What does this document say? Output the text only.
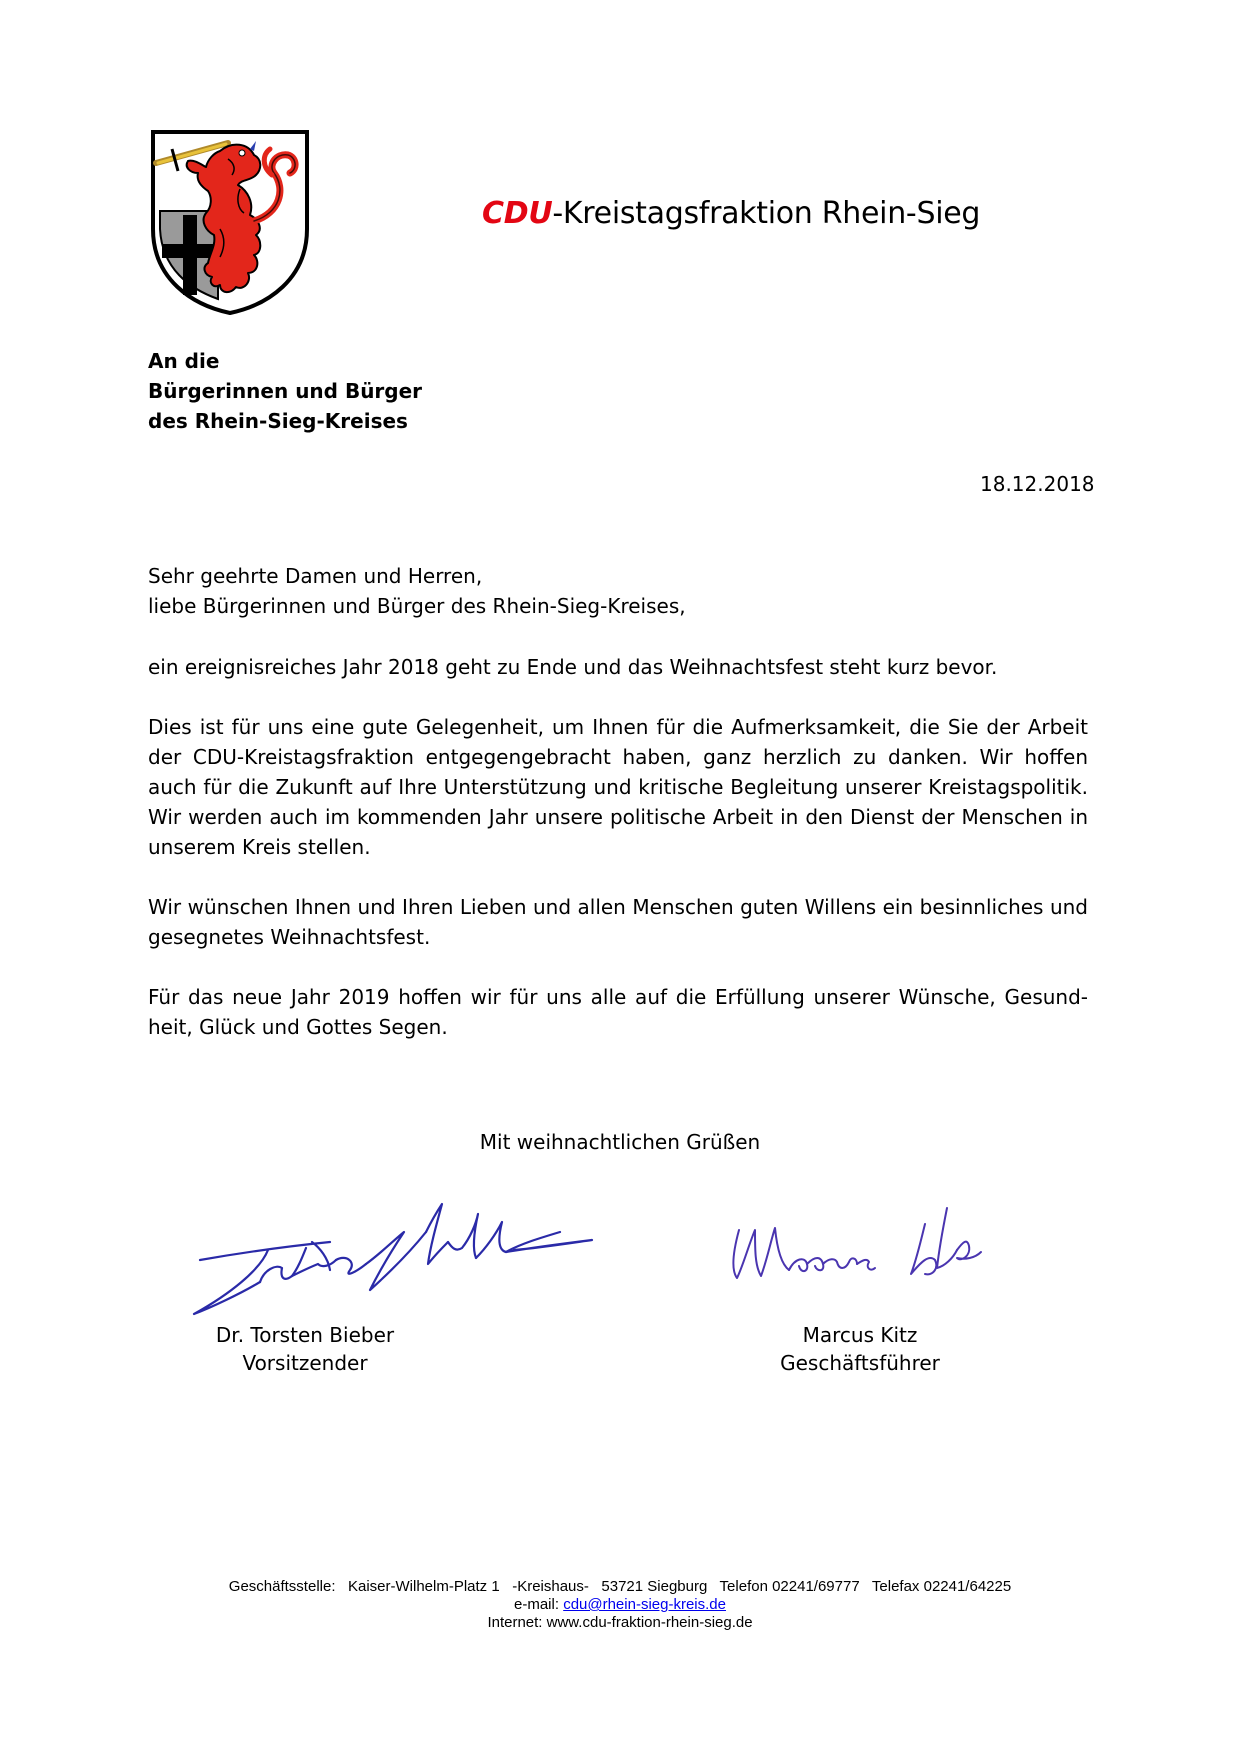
CDU-Kreistagsfraktion Rhein-Sieg
An die
Bürgerinnen und Bürger
des Rhein-Sieg-Kreises
18.12.2018

Sehr geehrte Damen und Herren,

liebe Bürgerinnen und Bürger des Rhein-Sieg-Kreises,

ein ereignisreiches Jahr 2018 geht zu Ende und das Weihnachtsfest steht kurz bevor.

Dies ist für uns eine gute Gelegenheit, um Ihnen für die Aufmerksamkeit, die Sie der Arbeit der CDU-Kreistagsfraktion entgegengebracht haben, ganz herzlich zu danken. Wir hoffen auch für die Zukunft auf Ihre Unterstützung und kritische Begleitung unserer Kreistagspolitik. Wir werden auch im kommenden Jahr unsere politische Arbeit in den Dienst der Menschen in unserem Kreis stellen.

Wir wünschen Ihnen und Ihren Lieben und allen Menschen guten Willens ein besinnliches und gesegnetes Weihnachtsfest.

Für das neue Jahr 2019 hoffen wir für uns alle auf die Erfüllung unserer Wünsche, Gesund- heit, Glück und Gottes Segen.

Mit weihnachtlichen Grüßen
Dr. Torsten Bieber
Vorsitzender
Marcus Kitz
Geschäftsführer
Geschäftsstelle:   Kaiser-Wilhelm-Platz 1   -Kreishaus-   53721 Siegburg   Telefon 02241/69777   Telefax 02241/64225
e-mail: cdu@rhein-sieg-kreis.de
Internet: www.cdu-fraktion-rhein-sieg.de
